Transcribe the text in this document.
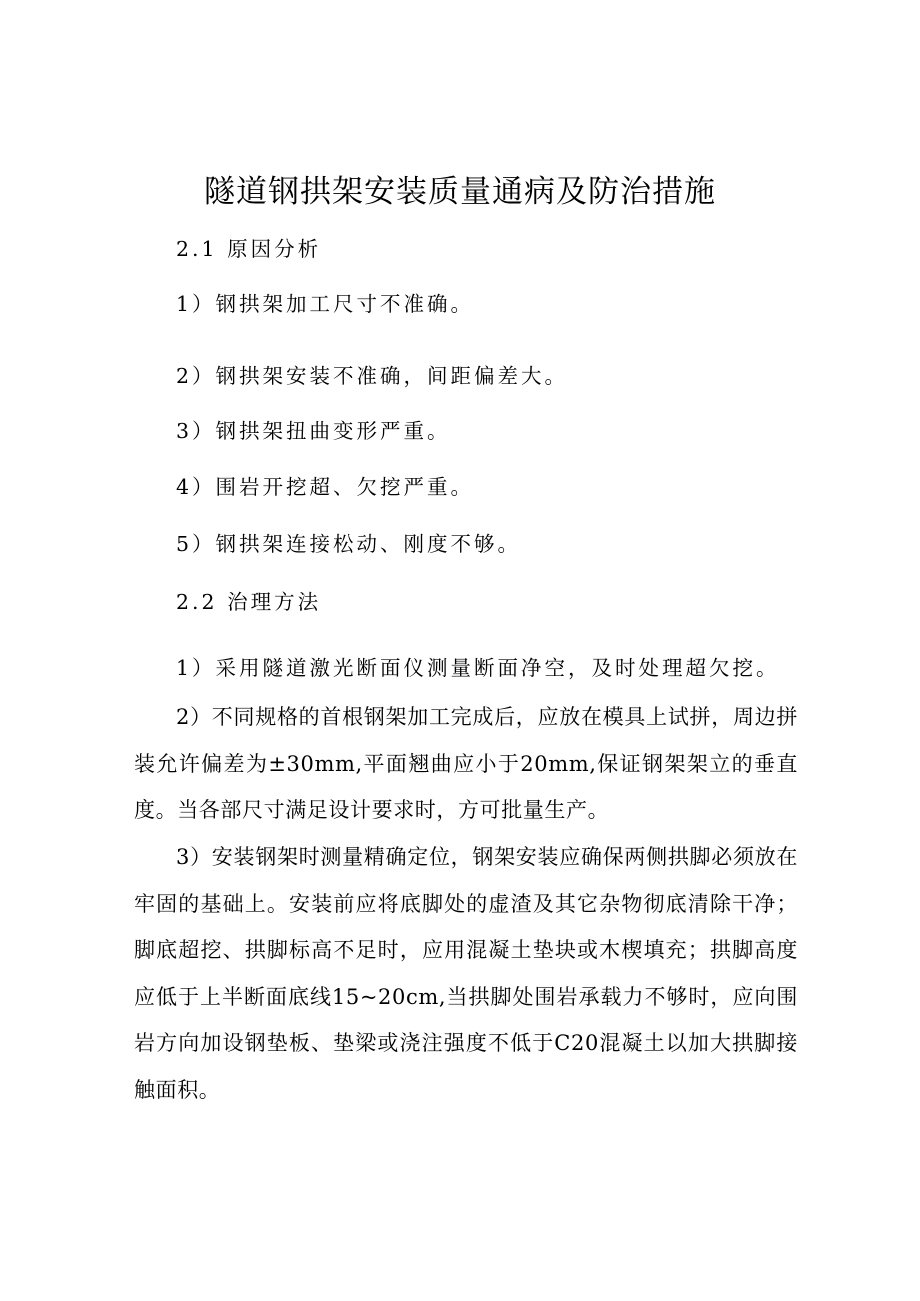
隧道钢拱架安装质量通病及防治措施
2.1 原因分析
1）钢拱架加工尺寸不准确。
2）钢拱架安装不准确，间距偏差大。
3）钢拱架扭曲变形严重。
4）围岩开挖超、欠挖严重。
5）钢拱架连接松动、刚度不够。
2.2 治理方法
1）采用隧道激光断面仪测量断面净空，及时处理超欠挖。
2）不同规格的首根钢架加工完成后，应放在模具上试拼，周边拼装允许偏差为±30mm,平面翘曲应小于20mm,保证钢架架立的垂直度。当各部尺寸满足设计要求时，方可批量生产。
3）安装钢架时测量精确定位，钢架安装应确保两侧拱脚必须放在牢固的基础上。安装前应将底脚处的虚渣及其它杂物彻底清除干净；脚底超挖、拱脚标高不足时，应用混凝土垫块或木楔填充；拱脚高度应低于上半断面底线15~20cm,当拱脚处围岩承载力不够时，应向围岩方向加设钢垫板、垫梁或浇注强度不低于C20混凝土以加大拱脚接触面积。
